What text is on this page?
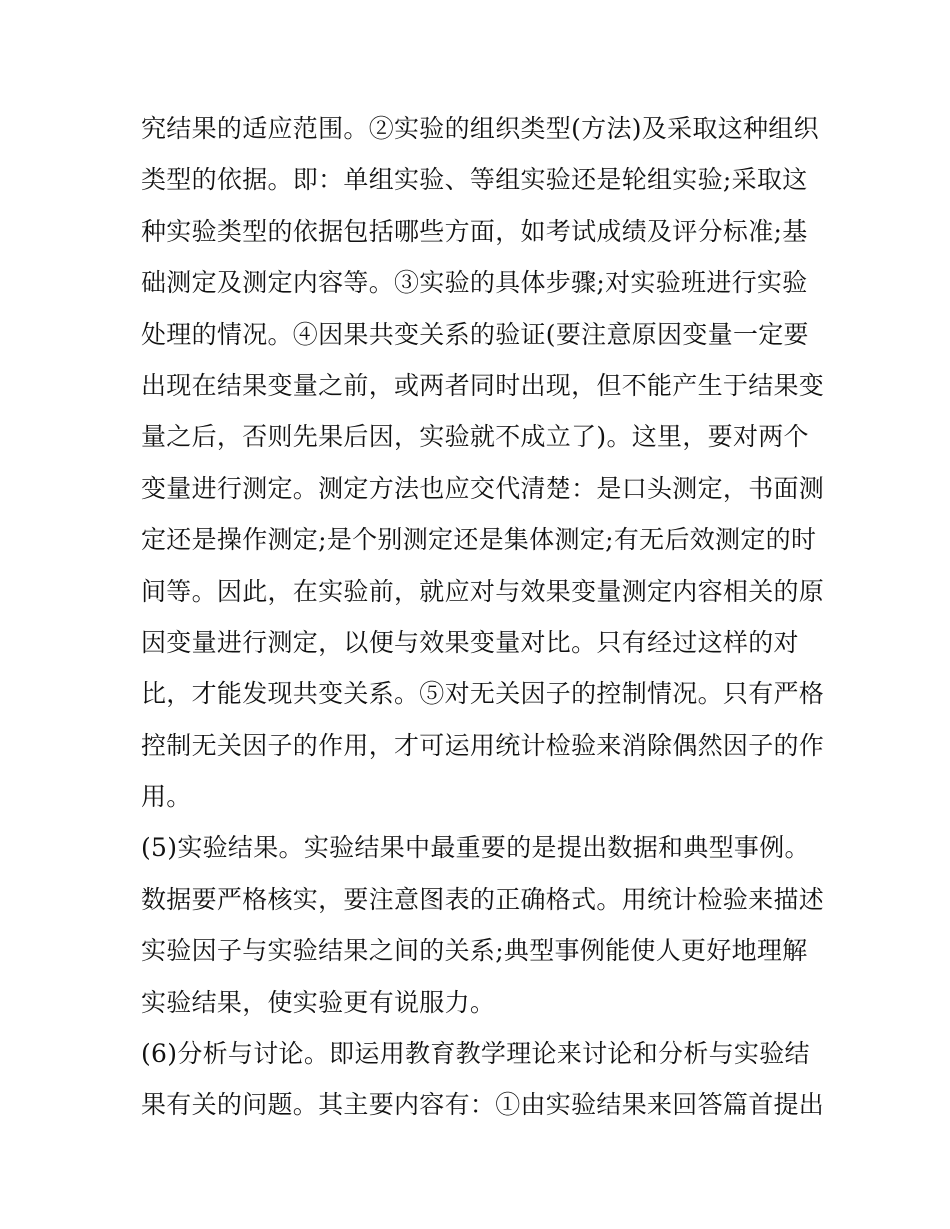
究结果的适应范围。②实验的组织类型(方法)及采取这种组织
类型的依据。即：单组实验、等组实验还是轮组实验;采取这
种实验类型的依据包括哪些方面，如考试成绩及评分标准;基
础测定及测定内容等。③实验的具体步骤;对实验班进行实验
处理的情况。④因果共变关系的验证(要注意原因变量一定要
出现在结果变量之前，或两者同时出现，但不能产生于结果变
量之后，否则先果后因，实验就不成立了)。这里，要对两个
变量进行测定。测定方法也应交代清楚：是口头测定，书面测
定还是操作测定;是个别测定还是集体测定;有无后效测定的时
间等。因此，在实验前，就应对与效果变量测定内容相关的原
因变量进行测定，以便与效果变量对比。只有经过这样的对
比，才能发现共变关系。⑤对无关因子的控制情况。只有严格
控制无关因子的作用，才可运用统计检验来消除偶然因子的作
用。
(5)实验结果。实验结果中最重要的是提出数据和典型事例。
数据要严格核实，要注意图表的正确格式。用统计检验来描述
实验因子与实验结果之间的关系;典型事例能使人更好地理解
实验结果，使实验更有说服力。
(6)分析与讨论。即运用教育教学理论来讨论和分析与实验结
果有关的问题。其主要内容有：①由实验结果来回答篇首提出
